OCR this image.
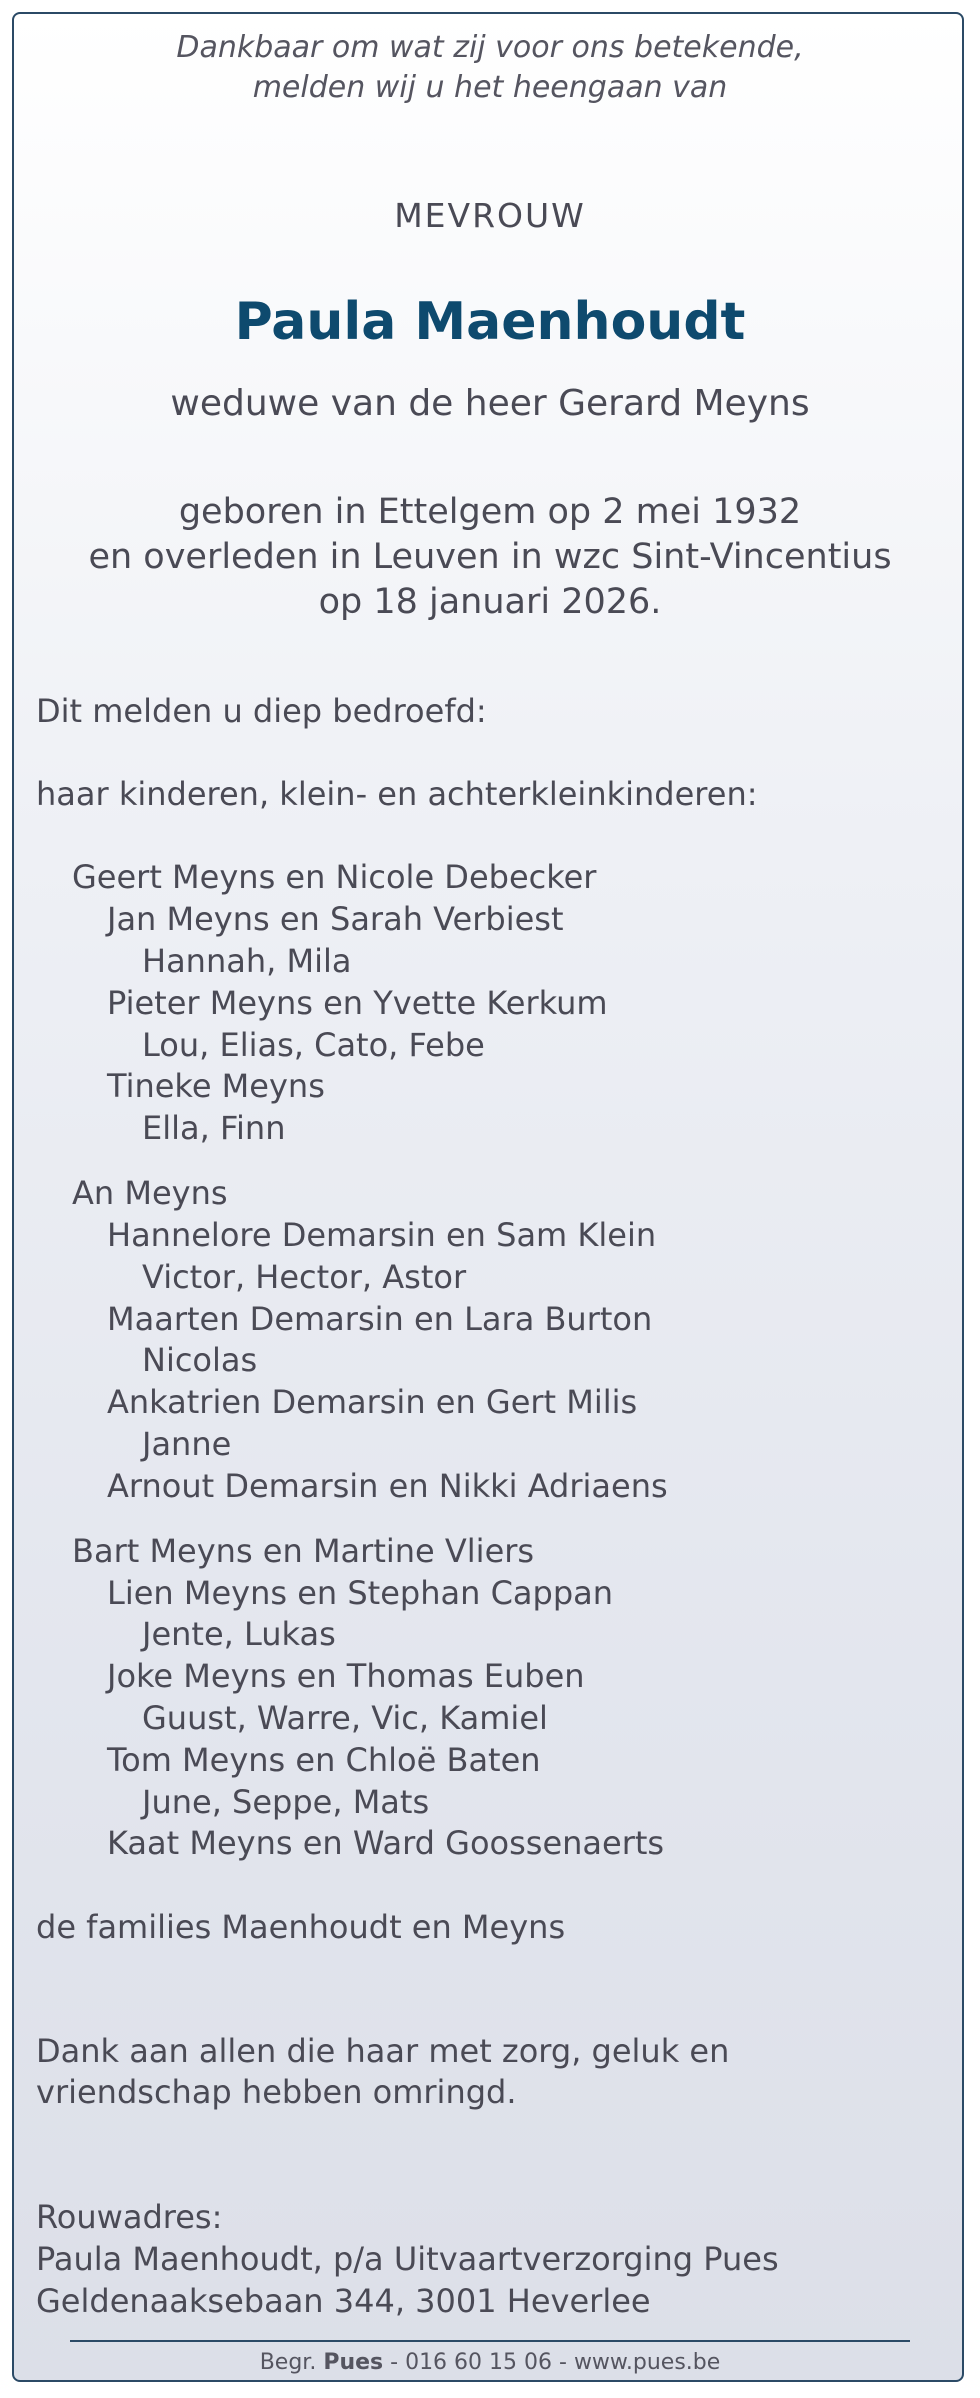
Dankbaar om wat zij voor ons betekende,
melden wij u het heengaan van
MEVROUW
Paula Maenhoudt
weduwe van de heer Gerard Meyns
geboren in Ettelgem op 2 mei 1932
en overleden in Leuven in wzc Sint-Vincentius
op 18 januari 2026.
Dit melden u diep bedroefd:
haar kinderen, klein- en achterkleinkinderen:
Geert Meyns en Nicole Debecker
Jan Meyns en Sarah Verbiest
Hannah, Mila
Pieter Meyns en Yvette Kerkum
Lou, Elias, Cato, Febe
Tineke Meyns
Ella, Finn
An Meyns
Hannelore Demarsin en Sam Klein
Victor, Hector, Astor
Maarten Demarsin en Lara Burton
Nicolas
Ankatrien Demarsin en Gert Milis
Janne
Arnout Demarsin en Nikki Adriaens
Bart Meyns en Martine Vliers
Lien Meyns en Stephan Cappan
Jente, Lukas
Joke Meyns en Thomas Euben
Guust, Warre, Vic, Kamiel
Tom Meyns en Chloë Baten
June, Seppe, Mats
Kaat Meyns en Ward Goossenaerts
de families Maenhoudt en Meyns
Dank aan allen die haar met zorg, geluk en
vriendschap hebben omringd.
Rouwadres:
Paula Maenhoudt, p/a Uitvaartverzorging Pues
Geldenaaksebaan 344, 3001 Heverlee
Begr. Pues - 016 60 15 06 - www.pues.be
